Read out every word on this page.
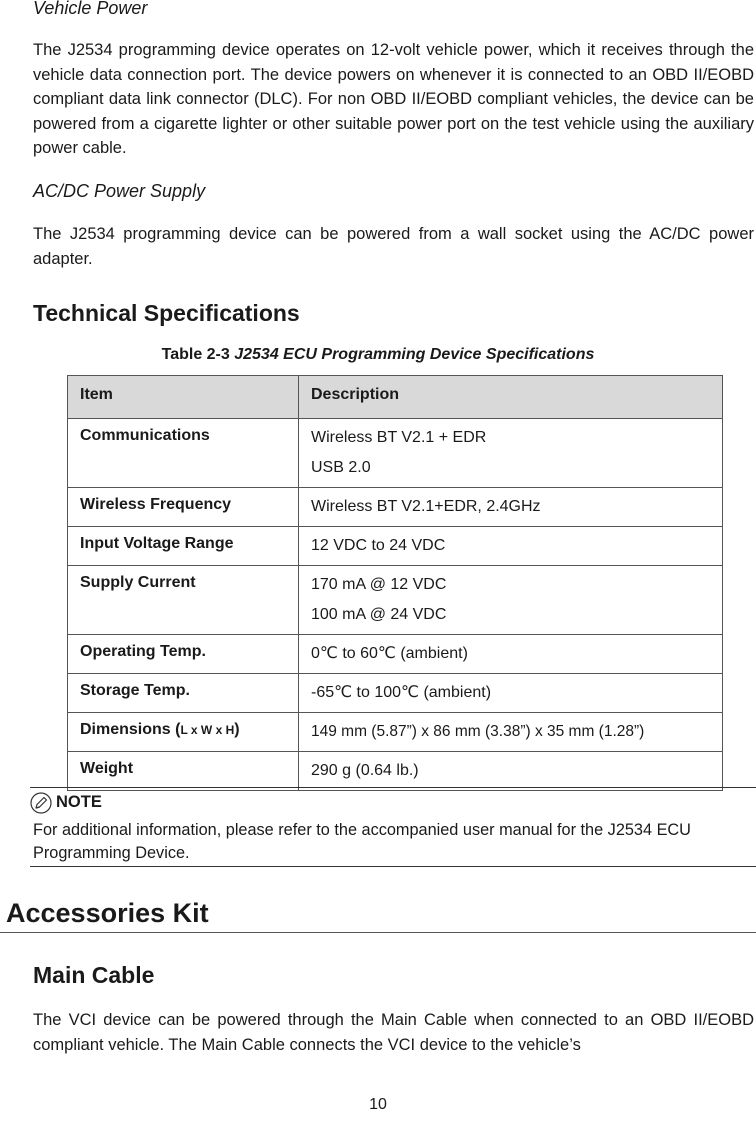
Vehicle Power
The J2534 programming device operates on 12-volt vehicle power, which it receives through the vehicle data connection port. The device powers on whenever it is connected to an OBD II/EOBD compliant data link connector (DLC). For non OBD II/EOBD compliant vehicles, the device can be powered from a cigarette lighter or other suitable power port on the test vehicle using the auxiliary power cable.
AC/DC Power Supply
The J2534 programming device can be powered from a wall socket using the AC/DC power adapter.
Technical Specifications
Table 2-3 J2534 ECU Programming Device Specifications
Item	Description
Communications	Wireless BT V2.1 + EDR
USB 2.0

Wireless Frequency	Wireless BT V2.1+EDR, 2.4GHz

Input Voltage Range	12 VDC to 24 VDC

Supply Current	170 mA @ 12 VDC
100 mA @ 24 VDC

Operating Temp.	0℃ to 60℃ (ambient)

Storage Temp.	-65℃ to 100℃ (ambient)

Dimensions (L x W x H)	149 mm (5.87”) x 86 mm (3.38”) x 35 mm (1.28”)

Weight	290 g (0.64 lb.)
NOTE
For additional information, please refer to the accompanied user manual for the J2534 ECU Programming Device.
Accessories Kit
Main Cable
The VCI device can be powered through the Main Cable when connected to an OBD II/EOBD compliant vehicle. The Main Cable connects the VCI device to the vehicle’s
10
